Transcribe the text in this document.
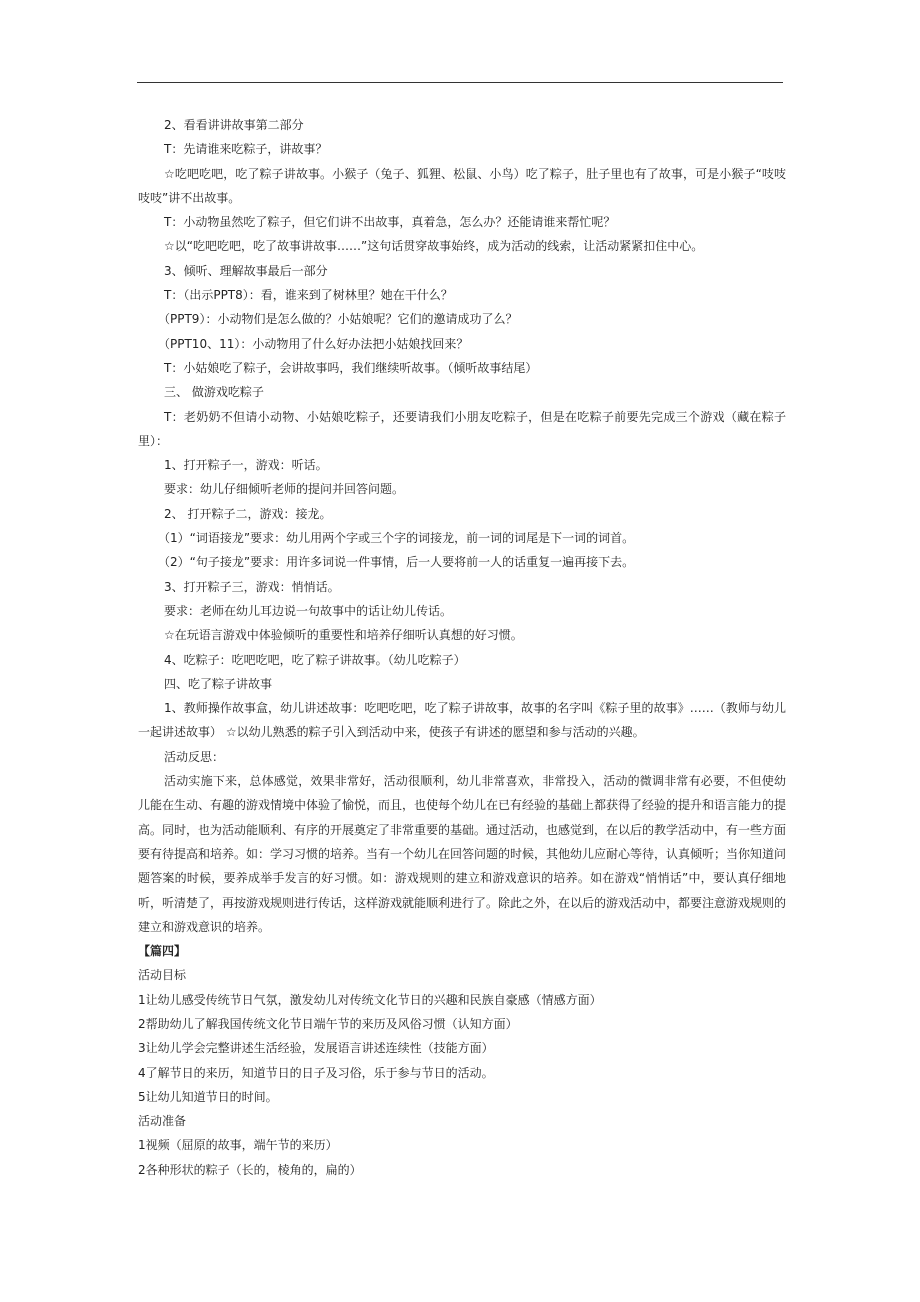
2、看看讲讲故事第二部分

T：先请谁来吃粽子，讲故事？

☆吃吧吃吧，吃了粽子讲故事。小猴子（兔子、狐狸、松鼠、小鸟）吃了粽子，肚子里也有了故事，可是小猴子“吱吱吱吱”讲不出故事。

T：小动物虽然吃了粽子，但它们讲不出故事，真着急，怎么办？还能请谁来帮忙呢？

☆以“吃吧吃吧，吃了故事讲故事……”这句话贯穿故事始终，成为活动的线索，让活动紧紧扣住中心。

3、倾听、理解故事最后一部分

T：（出示PPT8）：看，谁来到了树林里？她在干什么？

（PPT9）：小动物们是怎么做的？小姑娘呢？它们的邀请成功了么？

（PPT10、11）：小动物用了什么好办法把小姑娘找回来？

T：小姑娘吃了粽子，会讲故事吗，我们继续听故事。（倾听故事结尾）

三、 做游戏吃粽子

T：老奶奶不但请小动物、小姑娘吃粽子，还要请我们小朋友吃粽子，但是在吃粽子前要先完成三个游戏（藏在粽子里）：

1、打开粽子一，游戏：听话。

要求：幼儿仔细倾听老师的提问并回答问题。

2、 打开粽子二，游戏：接龙。

（1）“词语接龙”要求：幼儿用两个字或三个字的词接龙，前一词的词尾是下一词的词首。

（2）“句子接龙”要求：用许多词说一件事情，后一人要将前一人的话重复一遍再接下去。

3、打开粽子三，游戏：悄悄话。

要求：老师在幼儿耳边说一句故事中的话让幼儿传话。

☆在玩语言游戏中体验倾听的重要性和培养仔细听认真想的好习惯。

4、吃粽子：吃吧吃吧，吃了粽子讲故事。（幼儿吃粽子）

四、吃了粽子讲故事

1、教师操作故事盒，幼儿讲述故事：吃吧吃吧，吃了粽子讲故事，故事的名字叫《粽子里的故事》……（教师与幼儿一起讲述故事） ☆以幼儿熟悉的粽子引入到活动中来，使孩子有讲述的愿望和参与活动的兴趣。

活动反思：

活动实施下来，总体感觉，效果非常好，活动很顺利，幼儿非常喜欢，非常投入，活动的微调非常有必要，不但使幼儿能在生动、有趣的游戏情境中体验了愉悦，而且，也使每个幼儿在已有经验的基础上都获得了经验的提升和语言能力的提高。同时，也为活动能顺利、有序的开展奠定了非常重要的基础。通过活动，也感觉到，在以后的教学活动中，有一些方面要有待提高和培养。如：学习习惯的培养。当有一个幼儿在回答问题的时候，其他幼儿应耐心等待，认真倾听；当你知道问题答案的时候，要养成举手发言的好习惯。如：游戏规则的建立和游戏意识的培养。如在游戏“悄悄话”中，要认真仔细地听，听清楚了，再按游戏规则进行传话，这样游戏就能顺利进行了。除此之外，在以后的游戏活动中，都要注意游戏规则的建立和游戏意识的培养。

【篇四】

活动目标

1让幼儿感受传统节日气氛，激发幼儿对传统文化节日的兴趣和民族自豪感（情感方面）

2帮助幼儿了解我国传统文化节日端午节的来历及风俗习惯（认知方面）

3让幼儿学会完整讲述生活经验，发展语言讲述连续性（技能方面）

4了解节日的来历，知道节日的日子及习俗，乐于参与节日的活动。

5让幼儿知道节日的时间。

活动准备

1视频（屈原的故事，端午节的来历）

2各种形状的粽子（长的，棱角的，扁的）
